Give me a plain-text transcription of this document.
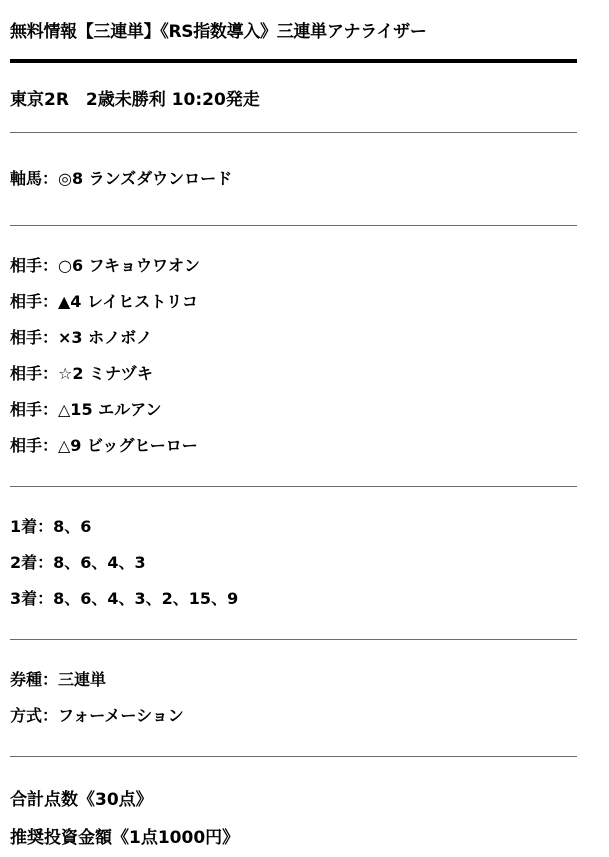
無料情報【三連単】《RS指数導入》三連単アナライザー
東京2R　2歳未勝利 10:20発走
軸馬：◎8 ランズダウンロード
相手：○6 フキョウワオン
相手：▲4 レイヒストリコ
相手：×3 ホノボノ
相手：☆2 ミナヅキ
相手：△15 エルアン
相手：△9 ビッグヒーロー
1着：8、6
2着：8、6、4、3
3着：8、6、4、3、2、15、9
券種：三連単
方式：フォーメーション
合計点数《30点》
推奨投資金額《1点1000円》
